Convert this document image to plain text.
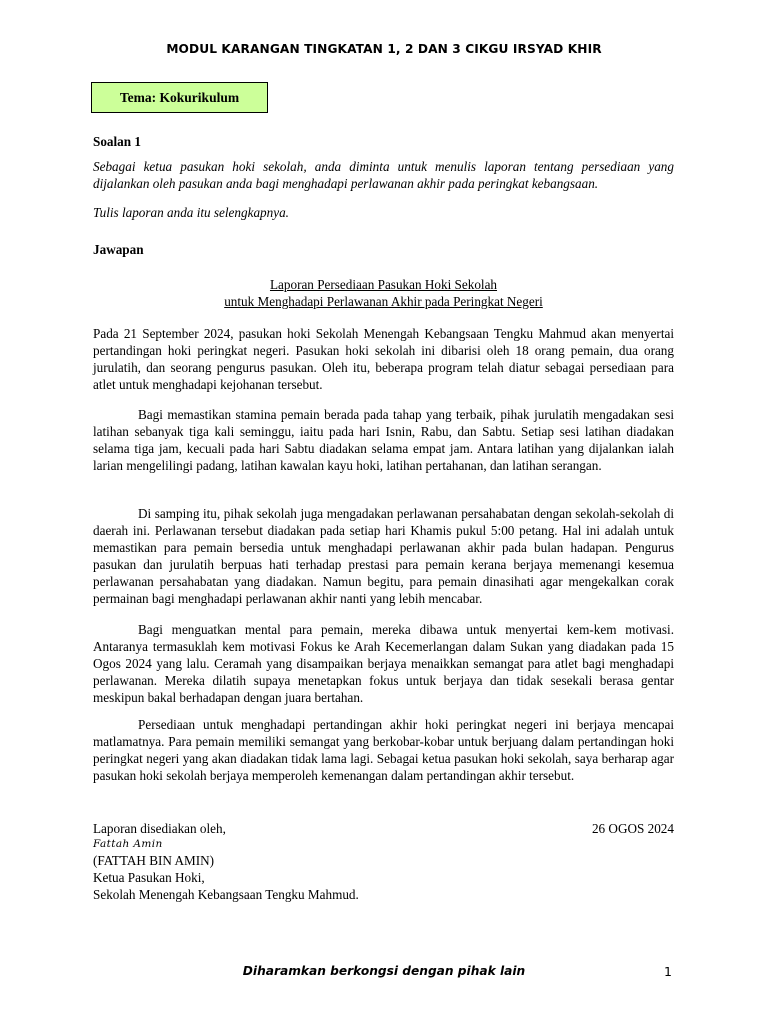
MODUL KARANGAN TINGKATAN 1, 2 DAN 3 CIKGU IRSYAD KHIR
Tema: Kokurikulum
Soalan 1
Sebagai ketua pasukan hoki sekolah, anda diminta untuk menulis laporan tentang persediaan yang dijalankan oleh pasukan anda bagi menghadapi perlawanan akhir pada peringkat kebangsaan.
Tulis laporan anda itu selengkapnya.
Jawapan
Laporan Persediaan Pasukan Hoki Sekolah
untuk Menghadapi Perlawanan Akhir pada Peringkat Negeri

Pada 21 September 2024, pasukan hoki Sekolah Menengah Kebangsaan Tengku Mahmud akan menyertai pertandingan hoki peringkat negeri. Pasukan hoki sekolah ini dibarisi oleh 18 orang pemain, dua orang jurulatih, dan seorang pengurus pasukan. Oleh itu, beberapa program telah diatur sebagai persediaan para atlet untuk menghadapi kejohanan tersebut.

Bagi memastikan stamina pemain berada pada tahap yang terbaik, pihak jurulatih mengadakan sesi latihan sebanyak tiga kali seminggu, iaitu pada hari Isnin, Rabu, dan Sabtu. Setiap sesi latihan diadakan selama tiga jam, kecuali pada hari Sabtu diadakan selama empat jam. Antara latihan yang dijalankan ialah larian mengelilingi padang, latihan kawalan kayu hoki, latihan pertahanan, dan latihan serangan.

Di samping itu, pihak sekolah juga mengadakan perlawanan persahabatan dengan sekolah-sekolah di daerah ini. Perlawanan tersebut diadakan pada setiap hari Khamis pukul 5:00 petang. Hal ini adalah untuk memastikan para pemain bersedia untuk menghadapi perlawanan akhir pada bulan hadapan. Pengurus pasukan dan jurulatih berpuas hati terhadap prestasi para pemain kerana berjaya memenangi kesemua perlawanan persahabatan yang diadakan. Namun begitu, para pemain dinasihati agar mengekalkan corak permainan bagi menghadapi perlawanan akhir nanti yang lebih mencabar.

Bagi menguatkan mental para pemain, mereka dibawa untuk menyertai kem-kem motivasi. Antaranya termasuklah kem motivasi Fokus ke Arah Kecemerlangan dalam Sukan yang diadakan pada 15 Ogos 2024 yang lalu. Ceramah yang disampaikan berjaya menaikkan semangat para atlet bagi menghadapi perlawanan. Mereka dilatih supaya menetapkan fokus untuk berjaya dan tidak sesekali berasa gentar meskipun bakal berhadapan dengan juara bertahan.

Persediaan untuk menghadapi pertandingan akhir hoki peringkat negeri ini berjaya mencapai matlamatnya. Para pemain memiliki semangat yang berkobar-kobar untuk berjuang dalam pertandingan hoki peringkat negeri yang akan diadakan tidak lama lagi. Sebagai ketua pasukan hoki sekolah, saya berharap agar pasukan hoki sekolah berjaya memperoleh kemenangan dalam pertandingan akhir tersebut.

Laporan disediakan oleh,	26 OGOS 2024
Fattah Amin
(FATTAH BIN AMIN)
Ketua Pasukan Hoki,
Sekolah Menengah Kebangsaan Tengku Mahmud.
Diharamkan berkongsi dengan pihak lain	1
